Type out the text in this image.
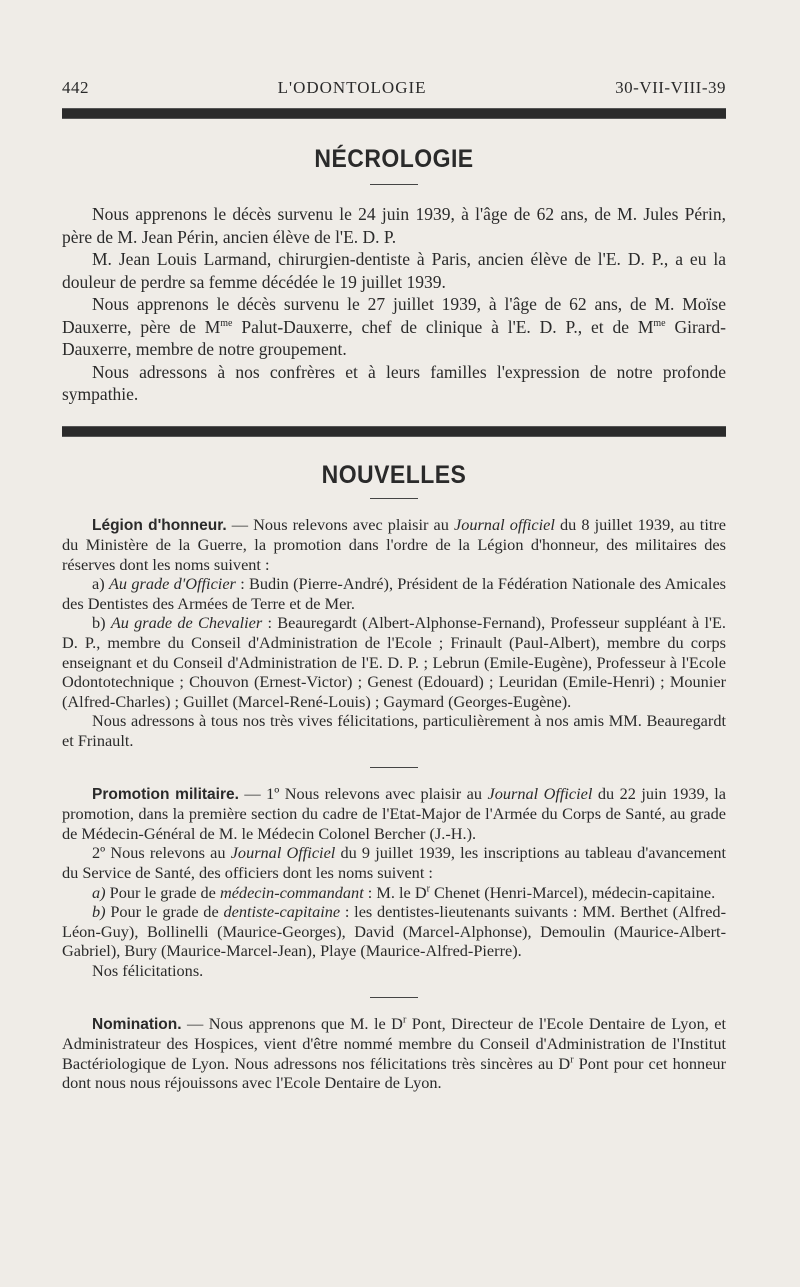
442	L'ODONTOLOGIE	30-VII-VIII-39
NÉCROLOGIE

Nous apprenons le décès survenu le 24 juin 1939, à l'âge de 62 ans, de M. Jules Périn, père de M. Jean Périn, ancien élève de l'E. D. P.

M. Jean Louis Larmand, chirurgien-dentiste à Paris, ancien élève de l'E. D. P., a eu la douleur de perdre sa femme décédée le 19 juillet 1939.

Nous apprenons le décès survenu le 27 juillet 1939, à l'âge de 62 ans, de M. Moïse Dauxerre, père de $M^{me}$ Palut-Dauxerre, chef de clinique à l'E. D. P., et de $M^{me}$ Girard-Dauxerre, membre de notre groupement.

Nous adressons à nos confrères et à leurs familles l'expression de notre profonde sympathie.

NOUVELLES

Légion d'honneur. — Nous relevons avec plaisir au Journal officiel du 8 juillet 1939, au titre du Ministère de la Guerre, la promotion dans l'ordre de la Légion d'honneur, des militaires des réserves dont les noms suivent :

a) Au grade d'Officier : Budin (Pierre-André), Président de la Fédération Nationale des Amicales des Dentistes des Armées de Terre et de Mer.

b) Au grade de Chevalier : Beauregardt (Albert-Alphonse-Fernand), Professeur suppléant à l'E. D. P., membre du Conseil d'Administration de l'Ecole ; Frinault (Paul-Albert), membre du corps enseignant et du Conseil d'Administration de l'E. D. P. ; Lebrun (Emile-Eugène), Professeur à l'Ecole Odontotechnique ; Chouvon (Ernest-Victor) ; Genest (Edouard) ; Leuridan (Emile-Henri) ; Mounier (Alfred-Charles) ; Guillet (Marcel-René-Louis) ; Gaymard (Georges-Eugène).

Nous adressons à tous nos très vives félicitations, particulièrement à nos amis MM. Beauregardt et Frinault.

Promotion militaire. — 1º Nous relevons avec plaisir au Journal Officiel du 22 juin 1939, la promotion, dans la première section du cadre de l'Etat-Major de l'Armée du Corps de Santé, au grade de Médecin-Général de M. le Médecin Colonel Bercher (J.-H.).

2º Nous relevons au Journal Officiel du 9 juillet 1939, les inscriptions au tableau d'avancement du Service de Santé, des officiers dont les noms suivent :

a) Pour le grade de médecin-commandant : M. le $D^r$ Chenet (Henri-Marcel), médecin-capitaine.

b) Pour le grade de dentiste-capitaine : les dentistes-lieutenants suivants : MM. Berthet (Alfred-Léon-Guy), Bollinelli (Maurice-Georges), David (Marcel-Alphonse), Demoulin (Maurice-Albert-Gabriel), Bury (Maurice-Marcel-Jean), Playe (Maurice-Alfred-Pierre).

Nos félicitations.

Nomination. — Nous apprenons que M. le $D^r$ Pont, Directeur de l'Ecole Dentaire de Lyon, et Administrateur des Hospices, vient d'être nommé membre du Conseil d'Administration de l'Institut Bactériologique de Lyon. Nous adressons nos félicitations très sincères au $D^r$ Pont pour cet honneur dont nous nous réjouissons avec l'Ecole Dentaire de Lyon.
